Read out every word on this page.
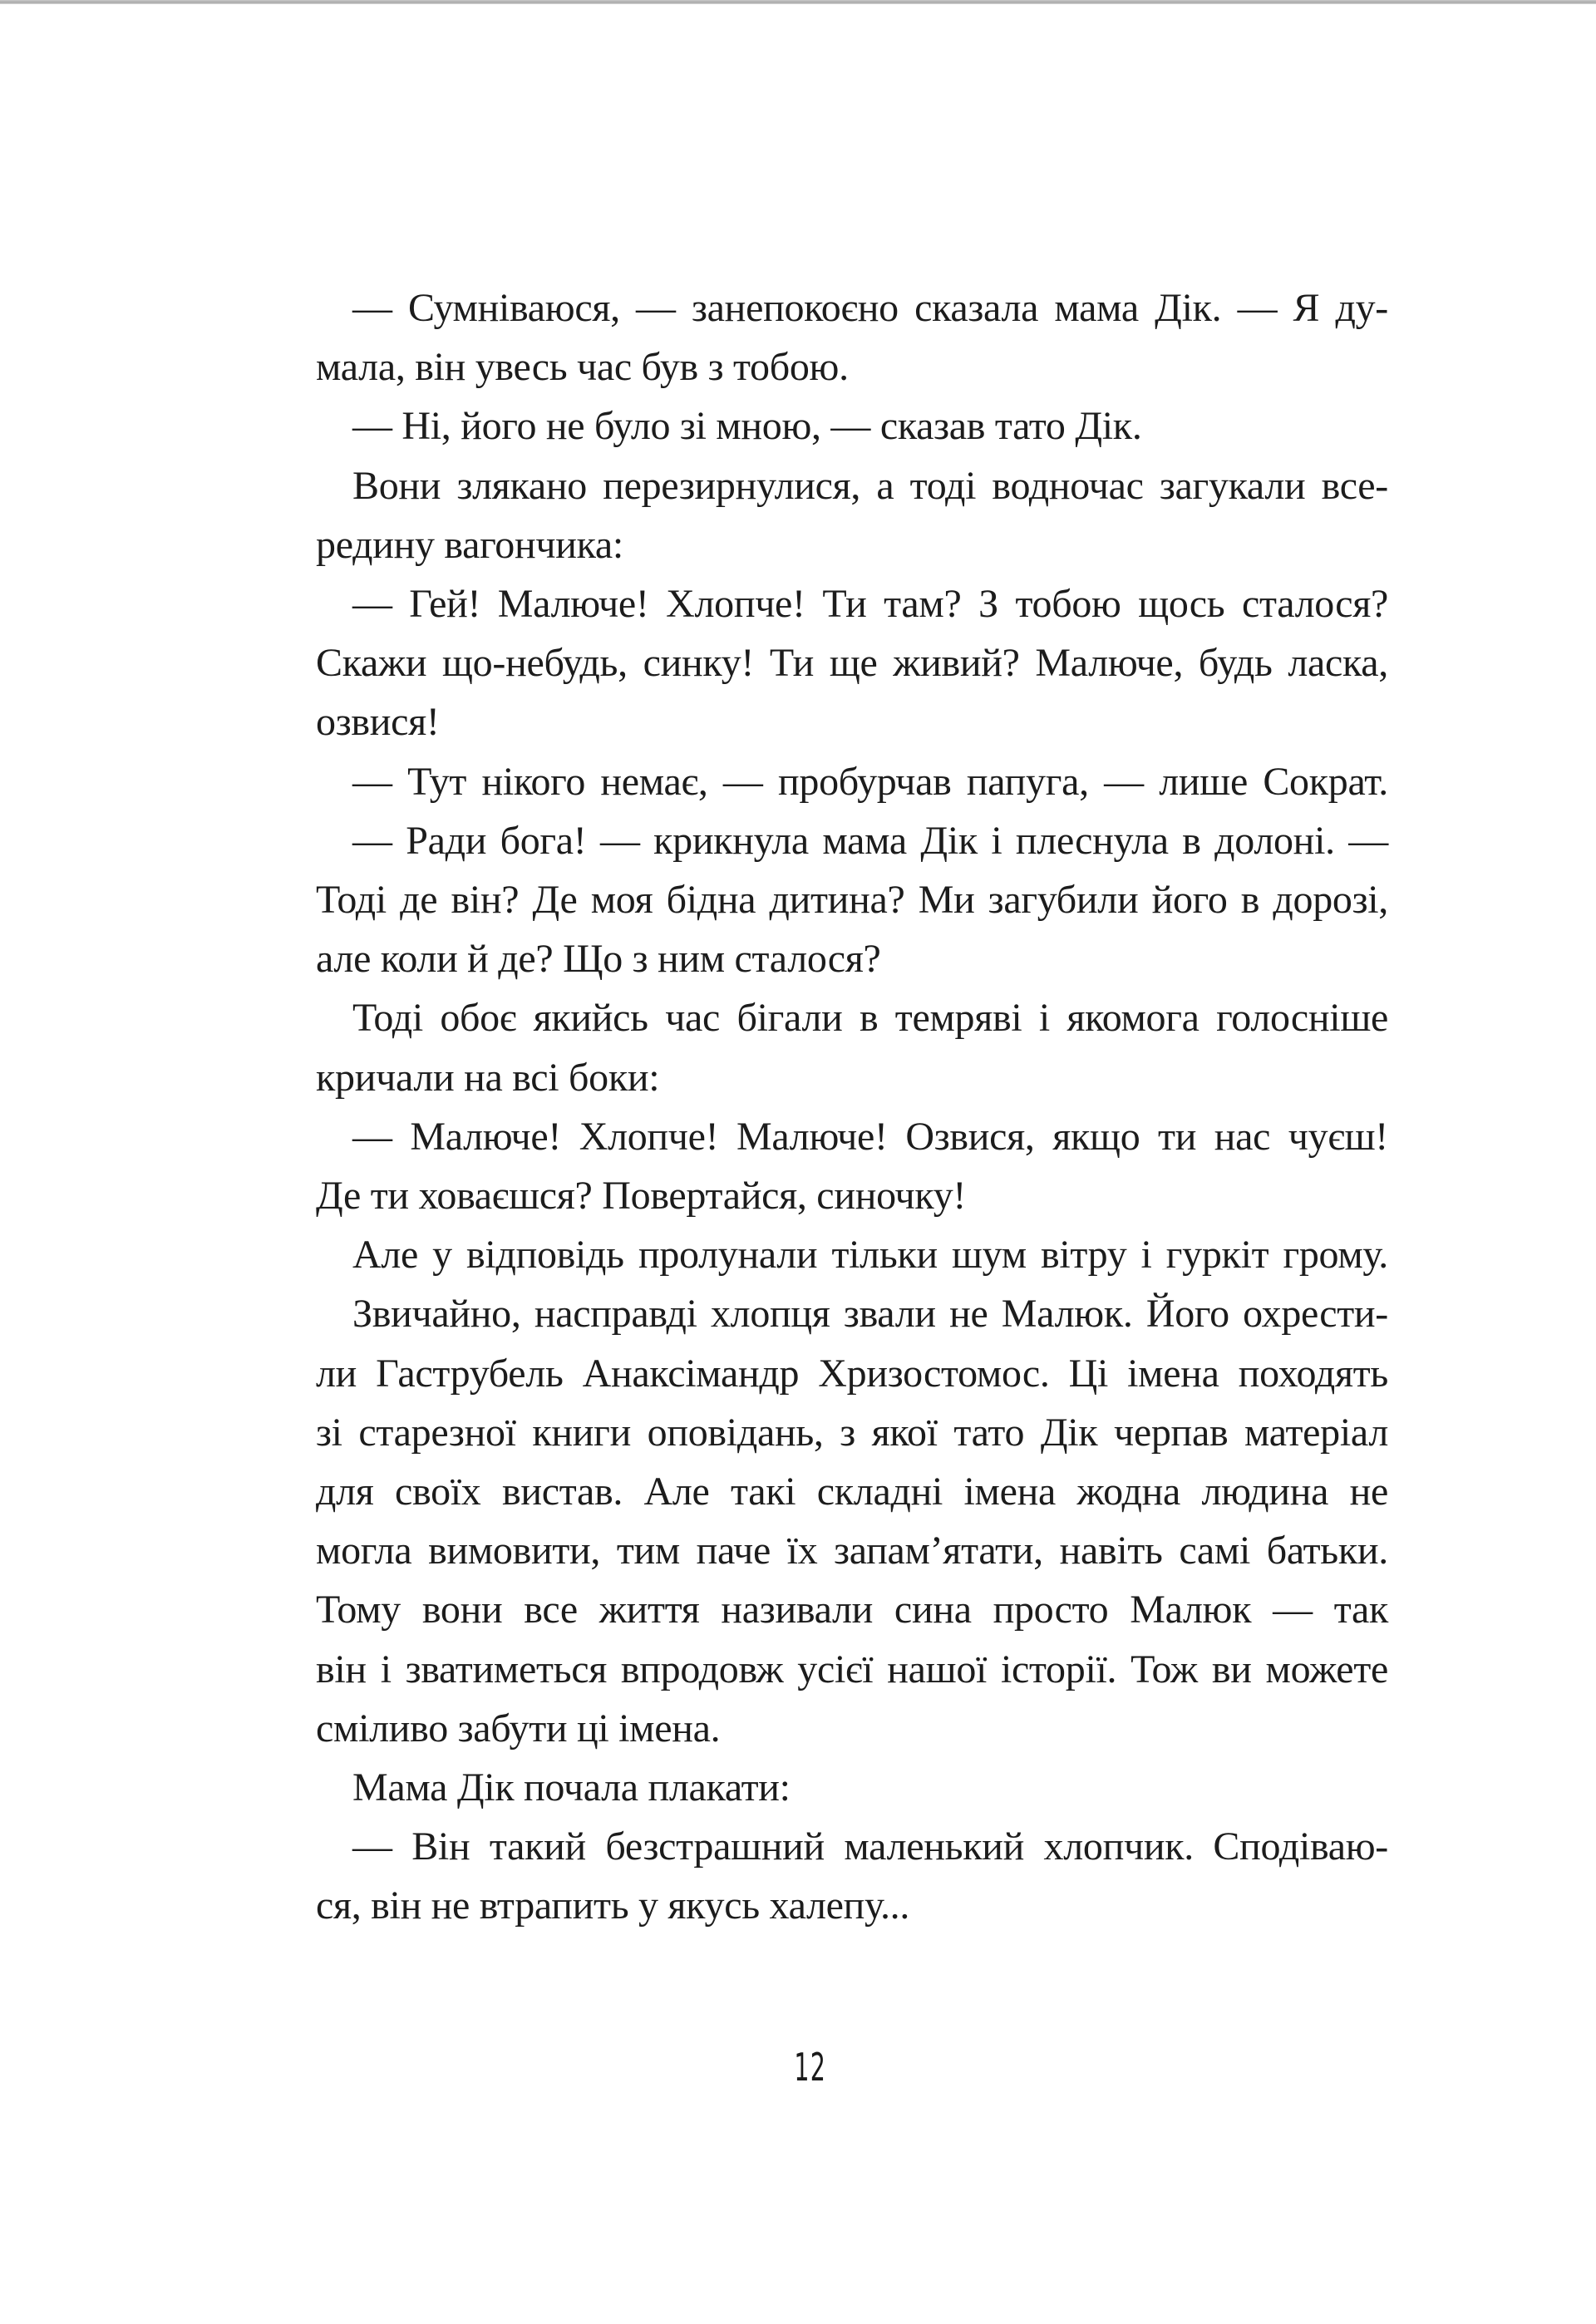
— Сумніваюся, — занепокоєно сказала мама Дік. — Я ду-
мала, він увесь час був з тобою.

— Ні, його не було зі мною, — сказав тато Дік.

Вони злякано перезирнулися, а тоді водночас загукали все-
редину вагончика:

— Гей! Малюче! Хлопче! Ти там? З тобою щось сталося?
Скажи що-небудь, синку! Ти ще живий? Малюче, будь ласка,
озвися!

— Тут нікого немає, — пробурчав папуга, — лише Сократ.

— Ради бога! — крикнула мама Дік і плеснула в долоні. —
Тоді де він? Де моя бідна дитина? Ми загубили його в дорозі,
але коли й де? Що з ним сталося?

Тоді обоє якийсь час бігали в темряві і якомога голосніше
кричали на всі боки:

— Малюче! Хлопче! Малюче! Озвися, якщо ти нас чуєш!
Де ти ховаєшся? Повертайся, синочку!

Але у відповідь пролунали тільки шум вітру і гуркіт грому.

Звичайно, насправді хлопця звали не Малюк. Його охрести-
ли Гаструбель Анаксімандр Хризостомос. Ці імена походять
зі старезної книги оповідань, з якої тато Дік черпав матеріал
для своїх вистав. Але такі складні імена жодна людина не
могла вимовити, тим паче їх запам’ятати, навіть самі батьки.
Тому вони все життя називали сина просто Малюк — так
він і зватиметься впродовж усієї нашої історії. Тож ви можете
сміливо забути ці імена.

Мама Дік почала плакати:

— Він такий безстрашний маленький хлопчик. Сподіваю-
ся, він не втрапить у якусь халепу...

12
